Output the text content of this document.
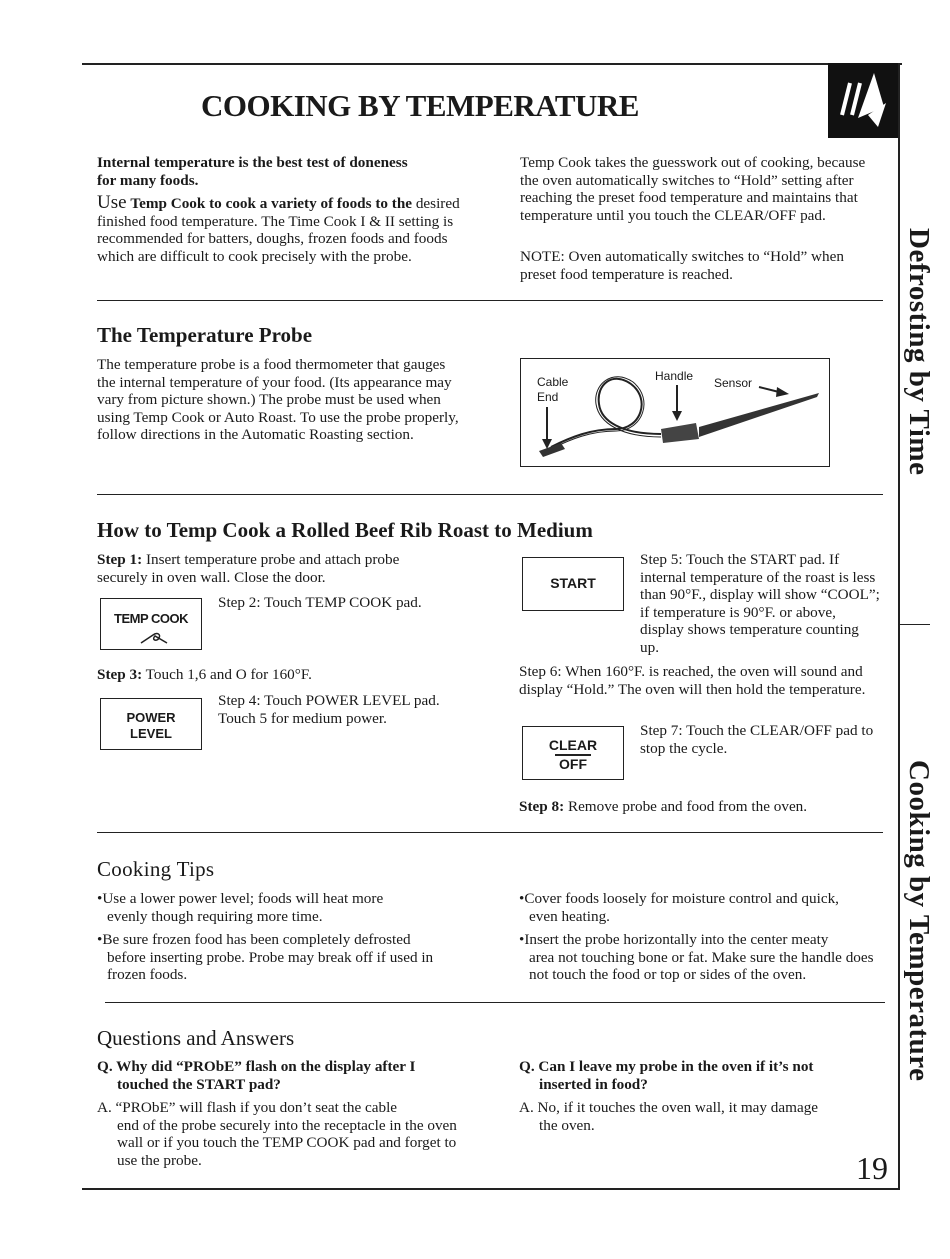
COOKING BY TEMPERATURE
Internal temperature is the best test of doneness
for many foods.
Use Temp Cook to cook a variety of foods to the desired finished food temperature. The Time Cook I & II setting is recommended for batters, doughs, frozen foods and foods which are difficult to cook precisely with the probe.
Temp Cook takes the guesswork out of cooking, because the oven automatically switches to “Hold” setting after reaching the preset food temperature and maintains that temperature until you touch the CLEAR/OFF pad.
NOTE: Oven automatically switches to “Hold” when preset food temperature is reached.
The Temperature Probe
The temperature probe is a food thermometer that gauges the internal temperature of your food. (Its appearance may vary from picture shown.) The probe must be used when using Temp Cook or Auto Roast. To use the probe properly, follow directions in the Automatic Roasting section.
Cable End
Handle Sensor
How to Temp Cook a Rolled Beef Rib Roast to Medium
Step 1: Insert temperature probe and attach probe securely in oven wall. Close the door.
TEMP COOK
Step 2: Touch TEMP COOK pad.
Step 3: Touch 1,6 and O for 160°F.
POWER
LEVEL
Step 4: Touch POWER LEVEL pad. Touch 5 for medium power.
START
Step 5: Touch the START pad. If internal temperature of the roast is less than 90°F., display will show “COOL”; if temperature is 90°F. or above, display shows temperature counting up.
Step 6: When 160°F. is reached, the oven will sound and display “Hold.” The oven will then hold the temperature.
CLEAR
OFF
Step 7: Touch the CLEAR/OFF pad to stop the cycle.
Step 8: Remove probe and food from the oven.
Cooking Tips
•Use a lower power level; foods will heat more
evenly though requiring more time.
•Be sure frozen food has been completely defrosted
before inserting probe. Probe may break off if used in frozen foods.
•Cover foods loosely for moisture control and quick,
even heating.
•Insert the probe horizontally into the center meaty
area not touching bone or fat. Make sure the handle does not touch the food or top or sides of the oven.
Questions and Answers
Q. Why did “PRObE” flash on the display after I
touched the START pad?
A. “PRObE” will flash if you don’t seat the cable
end of the probe securely into the receptacle in the oven wall or if you touch the TEMP COOK pad and forget to use the probe.
Q. Can I leave my probe in the oven if it’s not
inserted in food?
A. No, if it touches the oven wall, it may damage
the oven.
19
Defrosting by Time
Cooking by Temperature
